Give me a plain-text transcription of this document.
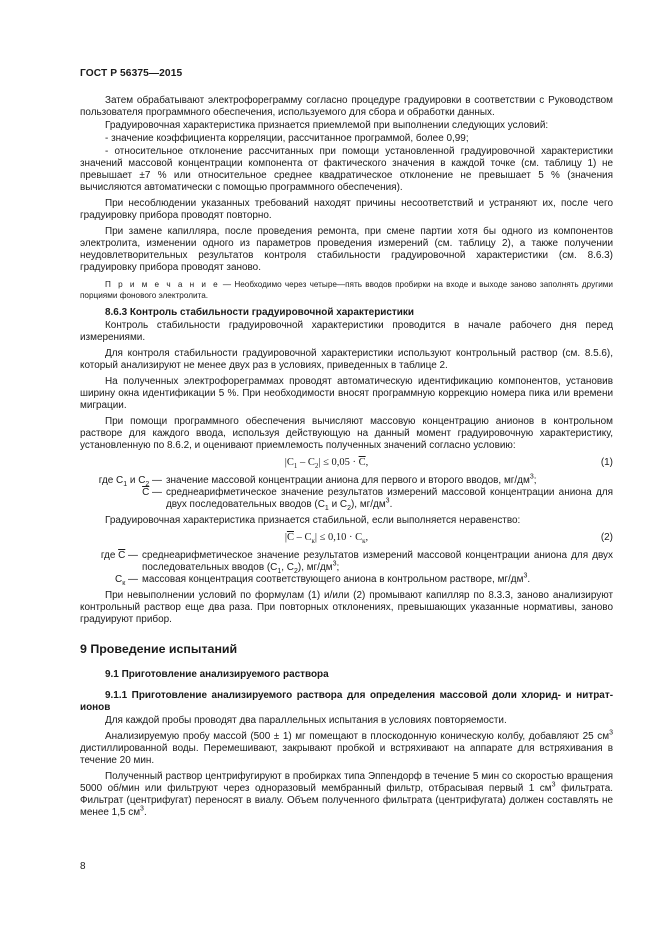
ГОСТ Р 56375—2015

Затем обрабатывают электрофореграмму согласно процедуре градуировки в соответствии с Руководством пользователя программного обеспечения, используемого для сбора и обработки данных.

Градуировочная характеристика признается приемлемой при выполнении следующих условий:

- значение коэффициента корреляции, рассчитанное программой, более 0,99;

- относительное отклонение рассчитанных при помощи установленной градуировочной характеристики значений массовой концентрации компонента от фактического значения в каждой точке (см. таблицу 1) не превышает ±7 % или относительное среднее квадратическое отклонение не превышает 5 % (значения вычисляются автоматически с помощью программного обеспечения).

При несоблюдении указанных требований находят причины несоответствий и устраняют их, после чего градуировку прибора проводят повторно.

При замене капилляра, после проведения ремонта, при смене партии хотя бы одного из компонентов электролита, изменении одного из параметров проведения измерений (см. таблицу 2), а также получении неудовлетворительных результатов контроля стабильности градуировочной характеристики (см. 8.6.3) градуировку прибора проводят заново.

П р и м е ч а н и е — Необходимо через четыре—пять вводов пробирки на входе и выходе заново заполнять другими порциями фонового электролита.
8.6.3 Контроль стабильности градуировочной характеристики

Контроль стабильности градуировочной характеристики проводится в начале рабочего дня перед измерениями.

Для контроля стабильности градуировочной характеристики используют контрольный раствор (см. 8.5.6), который анализируют не менее двух раз в условиях, приведенных в таблице 2.

На полученных электрофореграммах проводят автоматическую идентификацию компонентов, установив ширину окна идентификации 5 %. При необходимости вносят программную коррекцию номера пика или времени миграции.

При помощи программного обеспечения вычисляют массовую концентрацию анионов в контрольном растворе для каждого ввода, используя действующую на данный момент градуировочную характеристику, установленную по 8.6.2, и оценивают приемлемость полученных значений согласно условию:

$|C_1 - C_2| \le 0,05 \cdot \overline{C}$,	(1)
где $C_1$ и $C_2$ — значение массовой концентрации аниона для первого и второго вводов, $мг/дм^3$;
$\overline{C}$ — среднеарифметическое значение результатов измерений массовой концентрации аниона для двух последовательных вводов ($C_1$ и $C_2$), $мг/дм^3$.

Градуировочная характеристика признается стабильной, если выполняется неравенство:

$|\overline{C} - C_к| \le 0,10 \cdot C_к$,	(2)
где $\overline{C}$ — среднеарифметическое значение результатов измерений массовой концентрации аниона для двух последовательных вводов ($C_1$, $C_2$), $мг/дм^3$;
$C_к$ — массовая концентрация соответствующего аниона в контрольном растворе, $мг/дм^3$.

При невыполнении условий по формулам (1) и/или (2) промывают капилляр по 8.3.3, заново анализируют контрольный раствор еще два раза. При повторных отклонениях, превышающих указанные нормативы, заново градуируют прибор.

9 Проведение испытаний
9.1 Приготовление анализируемого раствора
9.1.1 Приготовление анализируемого раствора для определения массовой доли хлорид- и нитрат-ионов

Для каждой пробы проводят два параллельных испытания в условиях повторяемости.

Анализируемую пробу массой (500 ± 1) мг помещают в плоскодонную коническую колбу, добавляют 25 $см^3$ дистиллированной воды. Перемешивают, закрывают пробкой и встряхивают на аппарате для встряхивания в течение 20 мин.

Полученный раствор центрифугируют в пробирках типа Эппендорф в течение 5 мин со скоростью вращения 5000 об/мин или фильтруют через одноразовый мембранный фильтр, отбрасывая первый 1 $см^3$ фильтрата. Фильтрат (центрифугат) переносят в виалу. Объем полученного фильтрата (центрифугата) должен составлять не менее 1,5 $см^3$.

8
